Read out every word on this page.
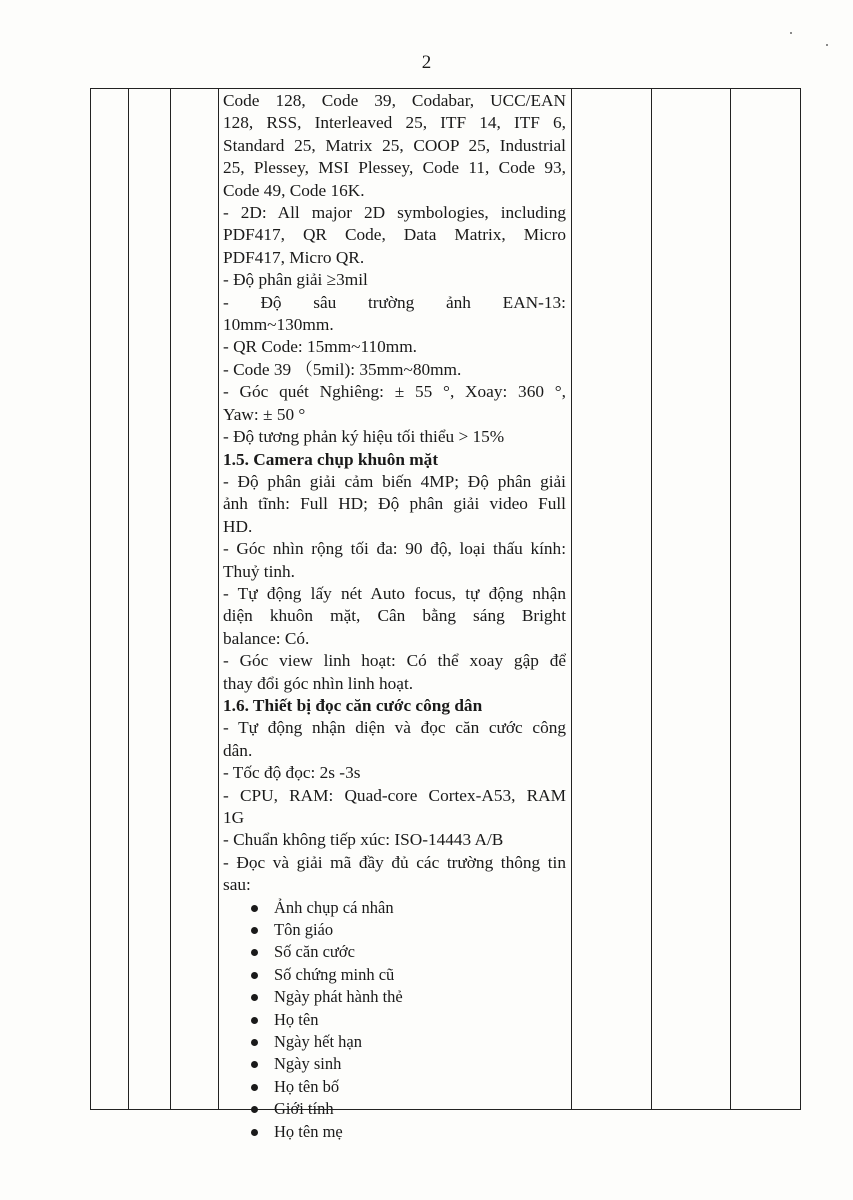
2

Code 128, Code 39, Codabar, UCC/EAN

128, RSS, Interleaved 25, ITF 14, ITF 6,

Standard 25, Matrix 25, COOP 25, Industrial

25, Plessey, MSI Plessey, Code 11, Code 93,

Code 49, Code 16K.

- 2D: All major 2D symbologies, including

PDF417, QR Code, Data Matrix, Micro

PDF417, Micro QR.

- Độ phân giải ≥3mil

- Độ sâu trường ảnh EAN-13:

10mm~130mm.

- QR Code: 15mm~110mm.

- Code 39 （5mil): 35mm~80mm.

- Góc quét Nghiêng: ± 55 °, Xoay: 360 °,

Yaw: ± 50 °

- Độ tương phản ký hiệu tối thiểu > 15%

1.5. Camera chụp khuôn mặt

- Độ phân giải cảm biến 4MP; Độ phân giải

ảnh tĩnh: Full HD; Độ phân giải video Full

HD.

- Góc nhìn rộng tối đa: 90 độ, loại thấu kính:

Thuỷ tinh.

- Tự động lấy nét Auto focus, tự động nhận

diện khuôn mặt, Cân bằng sáng Bright

balance: Có.

- Góc view linh hoạt: Có thể xoay gập để

thay đổi góc nhìn linh hoạt.

1.6. Thiết bị đọc căn cước công dân

- Tự động nhận diện và đọc căn cước công

dân.

- Tốc độ đọc: 2s -3s

- CPU, RAM: Quad-core Cortex-A53, RAM

1G

- Chuẩn không tiếp xúc: ISO-14443 A/B

- Đọc và giải mã đầy đủ các trường thông tin

sau:

Ảnh chụp cá nhân
Tôn giáo
Số căn cước
Số chứng minh cũ
Ngày phát hành thẻ
Họ tên
Ngày hết hạn
Ngày sinh
Họ tên bố
Giới tính
Họ tên mẹ
